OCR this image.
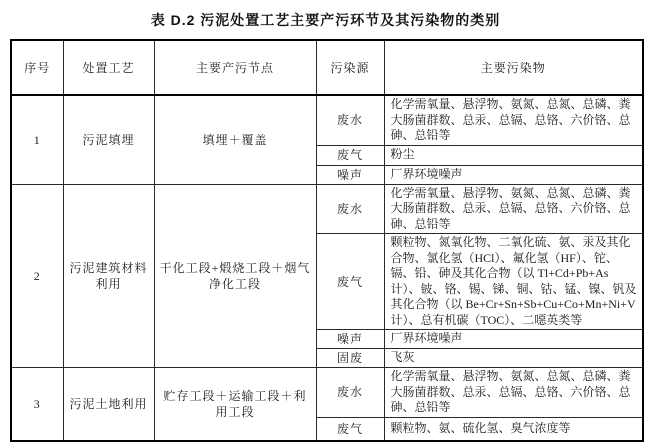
表 D.2 污泥处置工艺主要产污环节及其污染物的类别
序号	处置工艺	主要产污节点	污染源	主要污染物
1	污泥填埋	填埋＋覆盖	废水	化学需氧量、悬浮物、氨氮、总氮、总磷、粪大肠菌群数、总汞、总镉、总铬、六价铬、总砷、总铅等
			废气	粉尘
			噪声	厂界环境噪声
2	污泥建筑材料利用	干化工段+煅烧工段＋烟气净化工段	废水	化学需氧量、悬浮物、氨氮、总氮、总磷、粪大肠菌群数、总汞、总镉、总铬、六价铬、总砷、总铅等
			废气	颗粒物、氮氧化物、二氧化硫、氨、汞及其化合物、氯化氢（HCl）、氟化氢（HF）、铊、镉、铅、砷及其化合物（以 Tl+Cd+Pb+As 计）、铍、铬、锡、锑、铜、钴、锰、镍、钒及其化合物（以 Be+Cr+Sn+Sb+Cu+Co+Mn+Ni+V 计）、总有机碳（TOC）、二噁英类等
			噪声	厂界环境噪声
			固废	飞灰
3	污泥土地利用	贮存工段＋运输工段＋利用工段	废水	化学需氧量、悬浮物、氨氮、总氮、总磷、粪大肠菌群数、总汞、总镉、总铬、六价铬、总砷、总铅等
			废气	颗粒物、氨、硫化氢、臭气浓度等
